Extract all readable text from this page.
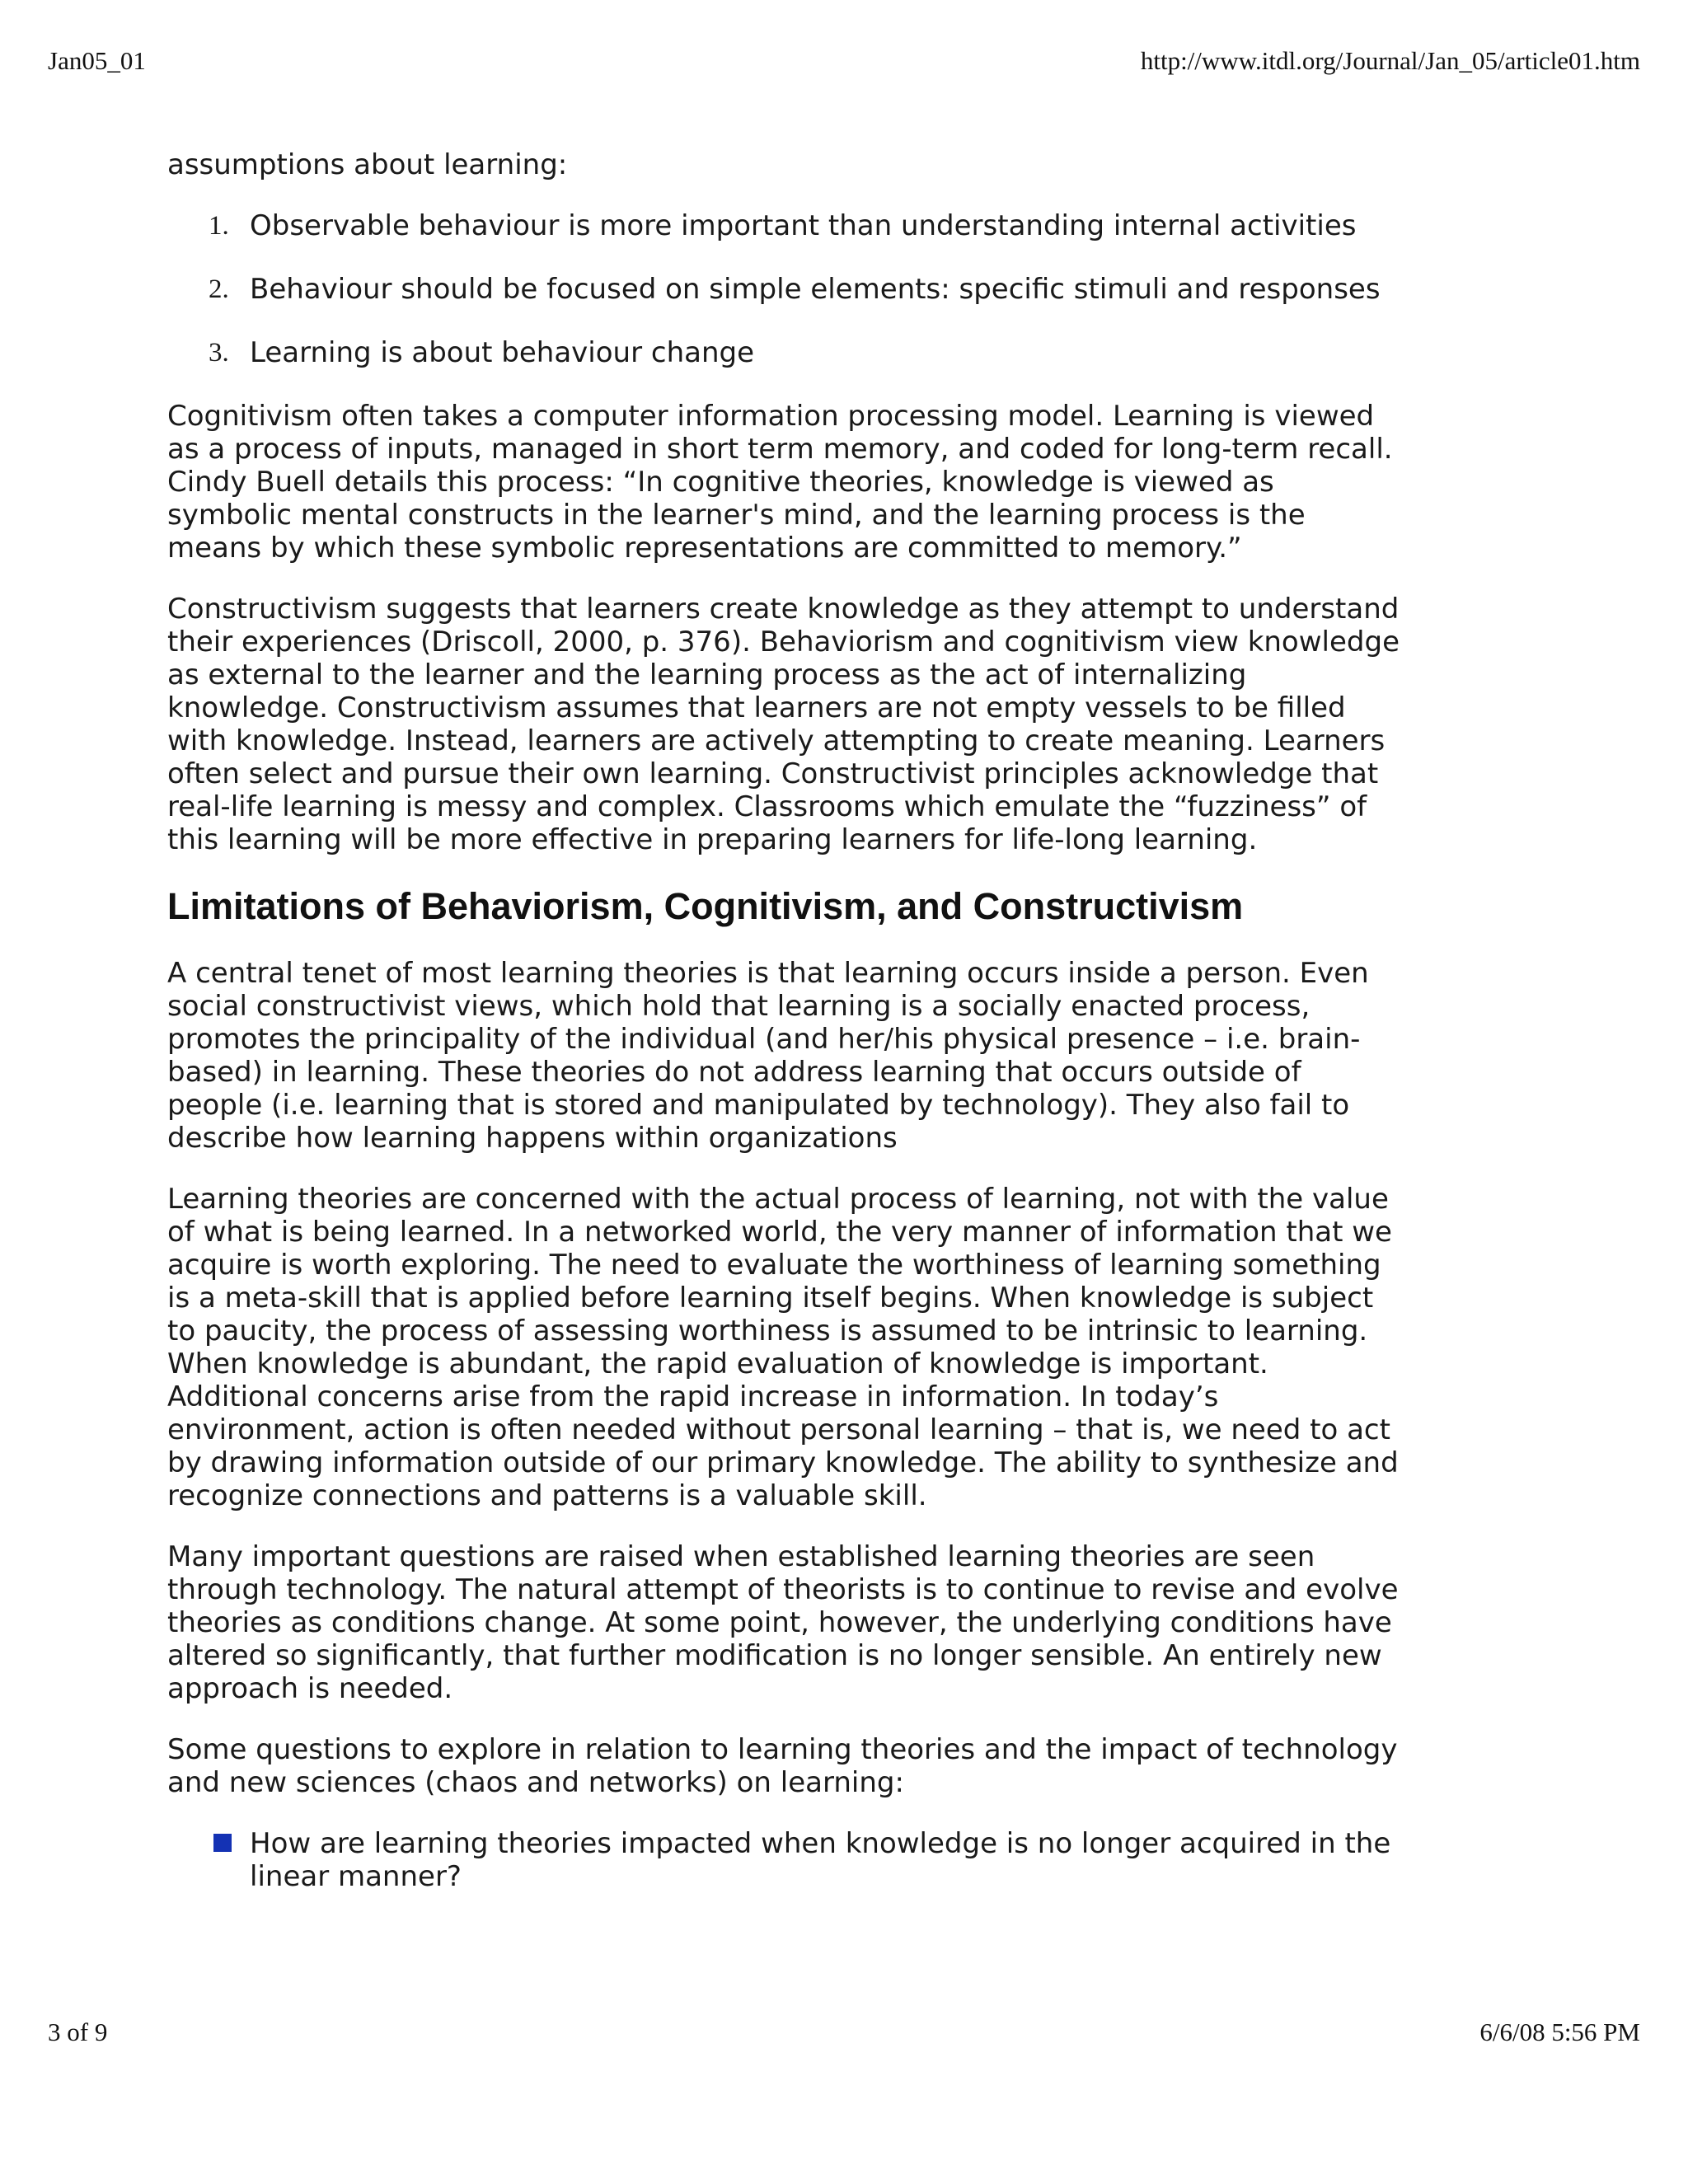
Jan05_01	http://www.itdl.org/Journal/Jan_05/article01.htm

assumptions about learning:

1. Observable behaviour is more important than understanding internal activities
2. Behaviour should be focused on simple elements: specific stimuli and responses
3. Learning is about behaviour change

Cognitivism often takes a computer information processing model. Learning is viewed as a process of inputs, managed in short term memory, and coded for long-term recall. Cindy Buell details this process: “In cognitive theories, knowledge is viewed as symbolic mental constructs in the learner's mind, and the learning process is the means by which these symbolic representations are committed to memory.”

Constructivism suggests that learners create knowledge as they attempt to understand their experiences (Driscoll, 2000, p. 376). Behaviorism and cognitivism view knowledge as external to the learner and the learning process as the act of internalizing knowledge. Constructivism assumes that learners are not empty vessels to be filled with knowledge. Instead, learners are actively attempting to create meaning. Learners often select and pursue their own learning. Constructivist principles acknowledge that real-life learning is messy and complex. Classrooms which emulate the “fuzziness” of this learning will be more effective in preparing learners for life-long learning.

Limitations of Behaviorism, Cognitivism, and Constructivism

A central tenet of most learning theories is that learning occurs inside a person. Even social constructivist views, which hold that learning is a socially enacted process, promotes the principality of the individual (and her/his physical presence – i.e. brain-based) in learning. These theories do not address learning that occurs outside of people (i.e. learning that is stored and manipulated by technology). They also fail to describe how learning happens within organizations

Learning theories are concerned with the actual process of learning, not with the value of what is being learned. In a networked world, the very manner of information that we acquire is worth exploring. The need to evaluate the worthiness of learning something is a meta-skill that is applied before learning itself begins. When knowledge is subject to paucity, the process of assessing worthiness is assumed to be intrinsic to learning. When knowledge is abundant, the rapid evaluation of knowledge is important. Additional concerns arise from the rapid increase in information. In today’s environment, action is often needed without personal learning – that is, we need to act by drawing information outside of our primary knowledge. The ability to synthesize and recognize connections and patterns is a valuable skill.

Many important questions are raised when established learning theories are seen through technology. The natural attempt of theorists is to continue to revise and evolve theories as conditions change. At some point, however, the underlying conditions have altered so significantly, that further modification is no longer sensible. An entirely new approach is needed.

Some questions to explore in relation to learning theories and the impact of technology and new sciences (chaos and networks) on learning:

How are learning theories impacted when knowledge is no longer acquired in the linear manner?
3 of 9	6/6/08 5:56 PM
